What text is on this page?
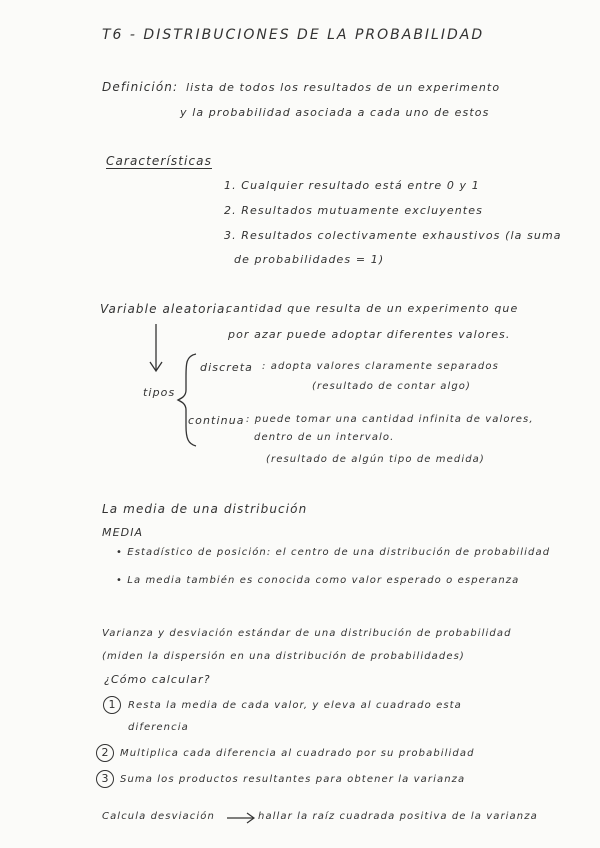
T6 - DISTRIBUCIONES DE LA PROBABILIDAD
Definición: lista de todos los resultados de un experimento
y la probabilidad asociada a cada uno de estos
Características
1. Cualquier resultado está entre 0 y 1
2. Resultados mutuamente excluyentes
3. Resultados colectivamente exhaustivos (la suma
de probabilidades = 1)
Variable aleatoria:
cantidad que resulta de un experimento que
por azar puede adoptar diferentes valores.
tipos
discreta : adopta valores claramente separados
(resultado de contar algo)
continua : puede tomar una cantidad infinita de valores,
dentro de un intervalo.
(resultado de algún tipo de medida)
La media de una distribución
MEDIA
• Estadístico de posición: el centro de una distribución de probabilidad
• La media también es conocida como valor esperado o esperanza
Varianza y desviación estándar de una distribución de probabilidad
(miden la dispersión en una distribución de probabilidades)
¿Cómo calcular?
1	Resta la media de cada valor, y eleva al cuadrado esta
diferencia
2	Multiplica cada diferencia al cuadrado por su probabilidad
3	Suma los productos resultantes para obtener la varianza
Calcula desviación	hallar la raíz cuadrada positiva de la varianza
